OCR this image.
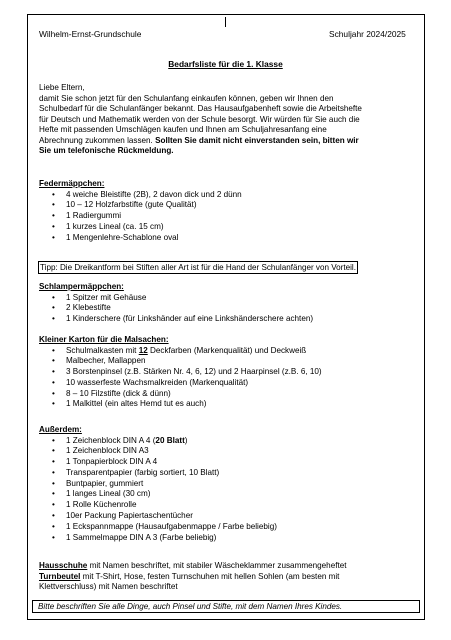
Wilhelm-Ernst-Grundschule	Schuljahr 2024/2025
Bedarfsliste für die 1. Klasse

Liebe Eltern,

damit Sie schon jetzt für den Schulanfang einkaufen können, geben wir Ihnen den

Schulbedarf für die Schulanfänger bekannt. Das Hausaufgabenheft sowie die Arbeitshefte

für Deutsch und Mathematik werden von der Schule besorgt. Wir würden für Sie auch die

Hefte mit passenden Umschlägen kaufen und Ihnen am Schuljahresanfang eine

Abrechnung zukommen lassen. Sollten Sie damit nicht einverstanden sein, bitten wir

Sie um telefonische Rückmeldung.

Federmäppchen:
• 4 weiche Bleistifte (2B), 2 davon dick und 2 dünn
• 10 – 12 Holzfarbstifte (gute Qualität)
• 1 Radiergummi
• 1 kurzes Lineal (ca. 15 cm)
• 1 Mengenlehre-Schablone oval
Tipp: Die Dreikantform bei Stiften aller Art ist für die Hand der Schulanfänger von Vorteil.
Schlampermäppchen:
• 1 Spitzer mit Gehäuse
• 2 Klebestifte
• 1 Kinderschere (für Linkshänder auf eine Linkshänderschere achten)
Kleiner Karton für die Malsachen:
• Schulmalkasten mit 12 Deckfarben (Markenqualität) und Deckweiß
• Malbecher, Mallappen
• 3 Borstenpinsel (z.B. Stärken Nr. 4, 6, 12) und 2 Haarpinsel (z.B. 6, 10)
• 10 wasserfeste Wachsmalkreiden (Markenqualität)
• 8 – 10 Filzstifte (dick & dünn)
• 1 Malkittel (ein altes Hemd tut es auch)
Außerdem:
• 1 Zeichenblock DIN A 4 (20 Blatt)
• 1 Zeichenblock DIN A3
• 1 Tonpapierblock DIN A 4
• Transparentpapier (farbig sortiert, 10 Blatt)
• Buntpapier, gummiert
• 1 langes Lineal (30 cm)
• 1 Rolle Küchenrolle
• 10er Packung Papiertaschentücher
• 1 Eckspannmappe (Hausaufgabenmappe / Farbe beliebig)
• 1 Sammelmappe DIN A 3 (Farbe beliebig)
Hausschuhe mit Namen beschriftet, mit stabiler Wäscheklammer zusammengeheftet
Turnbeutel mit T-Shirt, Hose, festen Turnschuhen mit hellen Sohlen (am besten mit
Klettverschluss) mit Namen beschriftet
Bitte beschriften Sie alle Dinge, auch Pinsel und Stifte, mit dem Namen Ihres Kindes.
